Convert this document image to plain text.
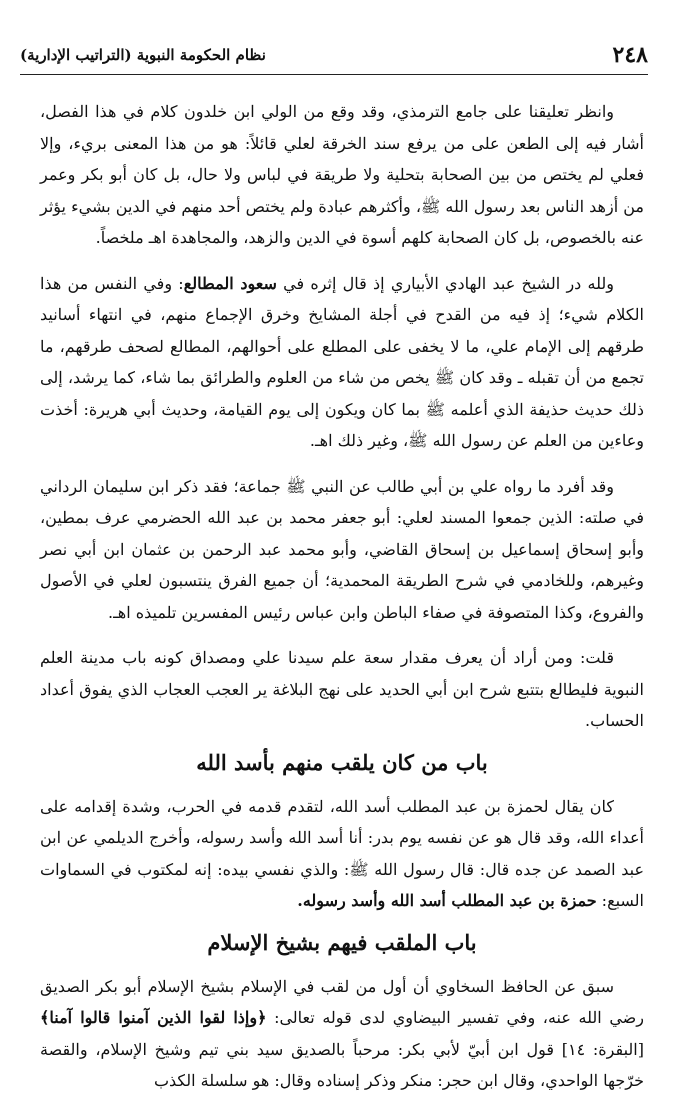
٢٤٨
نظام الحكومة النبوية (التراتيب الإدارية)

وانظر تعليقنا على جامع الترمذي، وقد وقع من الولي ابن خلدون كلام في هذا الفصل، أشار فيه إلى الطعن على من يرفع سند الخرقة لعلي قائلاً: هو من هذا المعنى بريء، وإلا فعلي لم يختص من بين الصحابة بتحلية ولا طريقة في لباس ولا حال، بل كان أبو بكر وعمر من أزهد الناس بعد رسول الله ﷺ، وأكثرهم عبادة ولم يختص أحد منهم في الدين بشيء يؤثر عنه بالخصوص، بل كان الصحابة كلهم أسوة في الدين والزهد، والمجاهدة اهـ ملخصاً.

ولله در الشيخ عبد الهادي الأبياري إذ قال إثره في سعود المطالع: وفي النفس من هذا الكلام شيء؛ إذ فيه من القدح في أجلة المشايخ وخرق الإجماع منهم، في انتهاء أسانيد طرقهم إلى الإمام علي، ما لا يخفى على المطلع على أحوالهم، المطالع لصحف طرقهم، ما تجمع من أن تقبله ـ وقد كان ﷺ يخص من شاء من العلوم والطرائق بما شاء، كما يرشد، إلى ذلك حديث حذيفة الذي أعلمه ﷺ بما كان ويكون إلى يوم القيامة، وحديث أبي هريرة: أخذت وعاءين من العلم عن رسول الله ﷺ، وغير ذلك اهـ.

وقد أفرد ما رواه علي بن أبي طالب عن النبي ﷺ جماعة؛ فقد ذكر ابن سليمان الرداني في صلته: الذين جمعوا المسند لعلي: أبو جعفر محمد بن عبد الله الحضرمي عرف بمطين، وأبو إسحاق إسماعيل بن إسحاق القاضي، وأبو محمد عبد الرحمن بن عثمان ابن أبي نصر وغيرهم، وللخادمي في شرح الطريقة المحمدية؛ أن جميع الفرق ينتسبون لعلي في الأصول والفروع، وكذا المتصوفة في صفاء الباطن وابن عباس رئيس المفسرين تلميذه اهـ.

قلت: ومن أراد أن يعرف مقدار سعة علم سيدنا علي ومصداق كونه باب مدينة العلم النبوية فليطالع بتتبع شرح ابن أبي الحديد على نهج البلاغة ير العجب العجاب الذي يفوق أعداد الحساب.

باب من كان يلقب منهم بأسد الله

كان يقال لحمزة بن عبد المطلب أسد الله، لتقدم قدمه في الحرب، وشدة إقدامه على أعداء الله، وقد قال هو عن نفسه يوم بدر: أنا أسد الله وأسد رسوله، وأخرج الديلمي عن ابن عبد الصمد عن جده قال: قال رسول الله ﷺ: والذي نفسي بيده: إنه لمكتوب في السماوات السبع: حمزة بن عبد المطلب أسد الله وأسد رسوله.

باب الملقب فيهم بشيخ الإسلام

سبق عن الحافظ السخاوي أن أول من لقب في الإسلام بشيخ الإسلام أبو بكر الصديق رضي الله عنه، وفي تفسير البيضاوي لدى قوله تعالى: ﴿وإذا لقوا الذين آمنوا قالوا آمنا﴾ [البقرة: ١٤] قول ابن أبيّ لأبي بكر: مرحباً بالصديق سيد بني تيم وشيخ الإسلام، والقصة خرّجها الواحدي، وقال ابن حجر: منكر وذكر إسناده وقال: هو سلسلة الكذب
